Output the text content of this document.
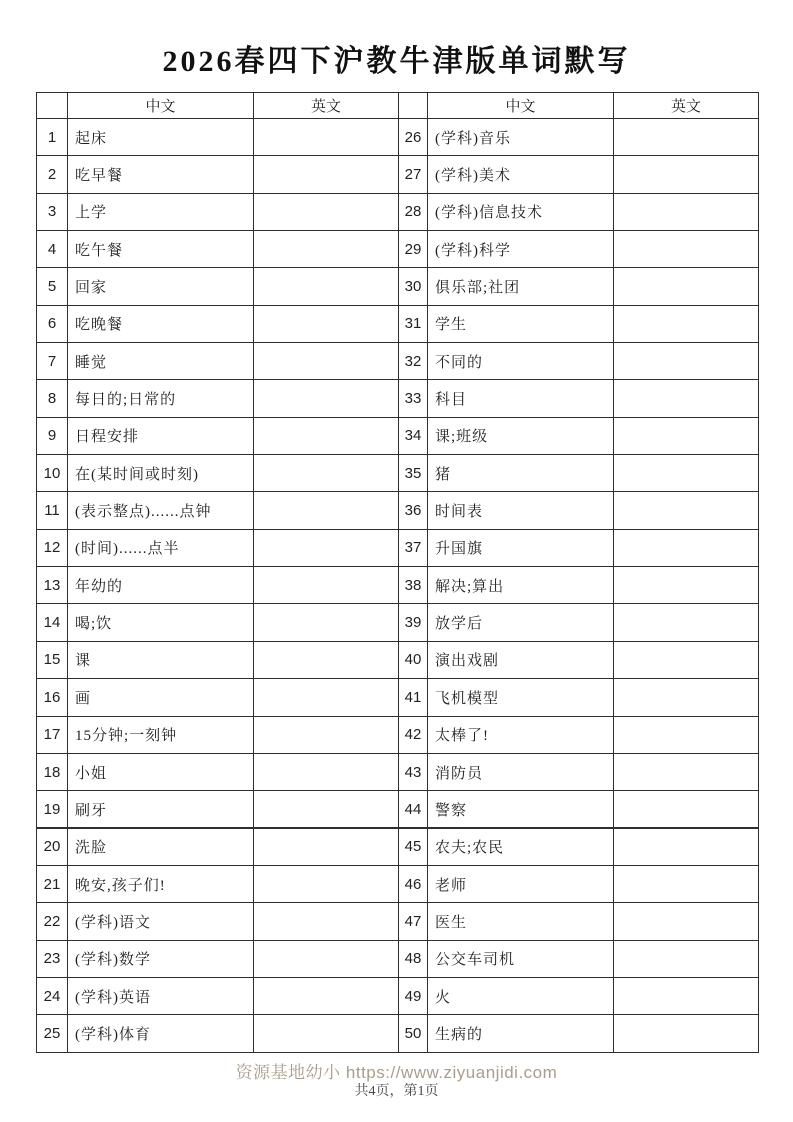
2026春四下沪教牛津版单词默写
	中文	英文		中文	英文
1	起床		26	(学科)音乐	
2	吃早餐		27	(学科)美术	
3	上学		28	(学科)信息技术	
4	吃午餐		29	(学科)科学	
5	回家		30	俱乐部;社团	
6	吃晚餐		31	学生	
7	睡觉		32	不同的	
8	每日的;日常的		33	科目	
9	日程安排		34	课;班级	
10	在(某时间或时刻)		35	猪	
11	(表示整点)......点钟		36	时间表	
12	(时间)......点半		37	升国旗	
13	年幼的		38	解决;算出	
14	喝;饮		39	放学后	
15	课		40	演出戏剧	
16	画		41	飞机模型	
17	15分钟;一刻钟		42	太棒了!	
18	小姐		43	消防员	
19	刷牙		44	警察	
20	洗脸		45	农夫;农民	
21	晚安,孩子们!		46	老师	
22	(学科)语文		47	医生	
23	(学科)数学		48	公交车司机	
24	(学科)英语		49	火	
25	(学科)体育		50	生病的	
资源基地幼小 https://www.ziyuanjidi.com
共4页，第1页
